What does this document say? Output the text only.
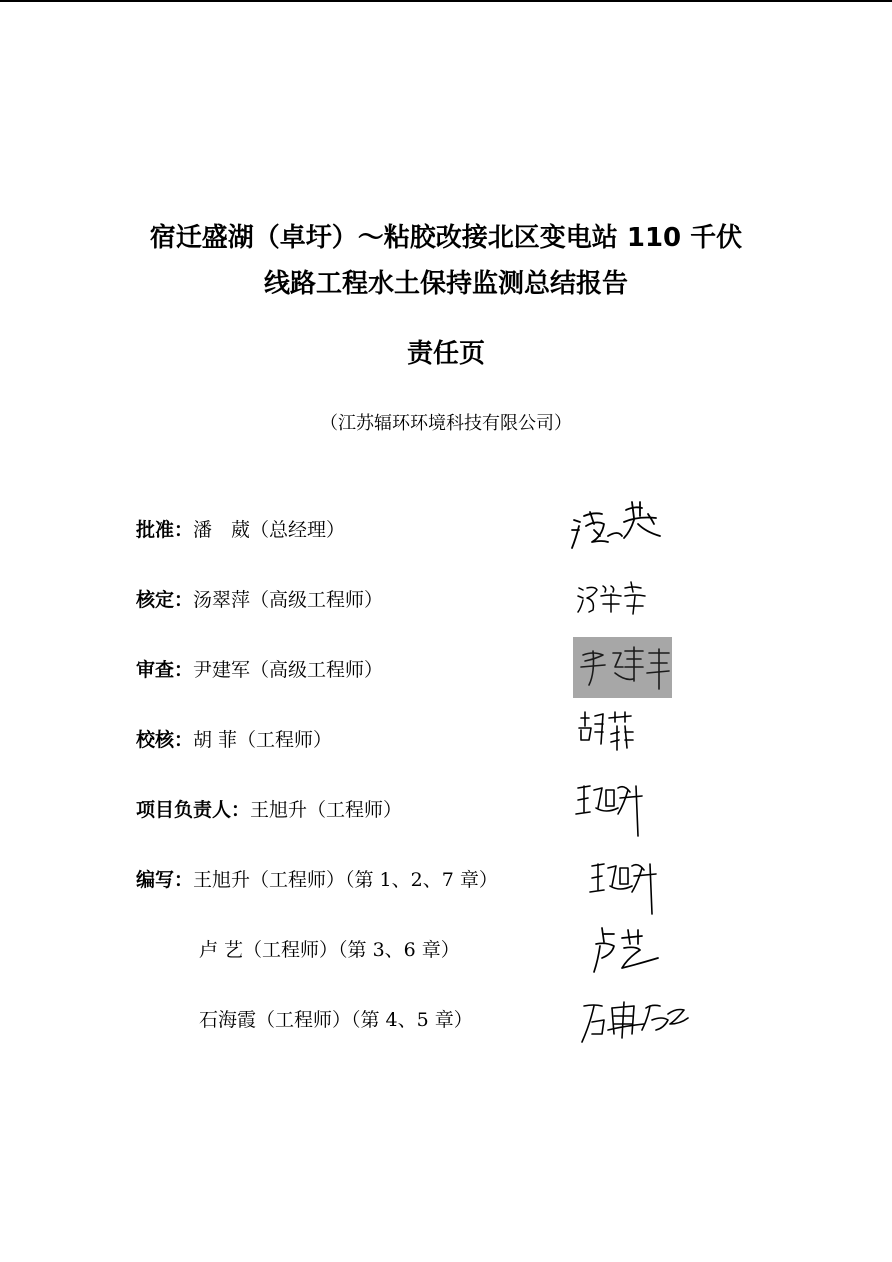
宿迁盛湖（卓圩）～粘胶改接北区变电站 110 千伏
线路工程水土保持监测总结报告
责任页
（江苏辐环环境科技有限公司）
批准：潘　葳（总经理）
核定：汤翠萍（高级工程师）
审查：尹建军（高级工程师）
校核：胡 菲（工程师）
项目负责人：王旭升（工程师）
编写：王旭升（工程师）（第 1、2、7 章）
卢 艺（工程师）（第 3、6 章）
石海霞（工程师）（第 4、5 章）
